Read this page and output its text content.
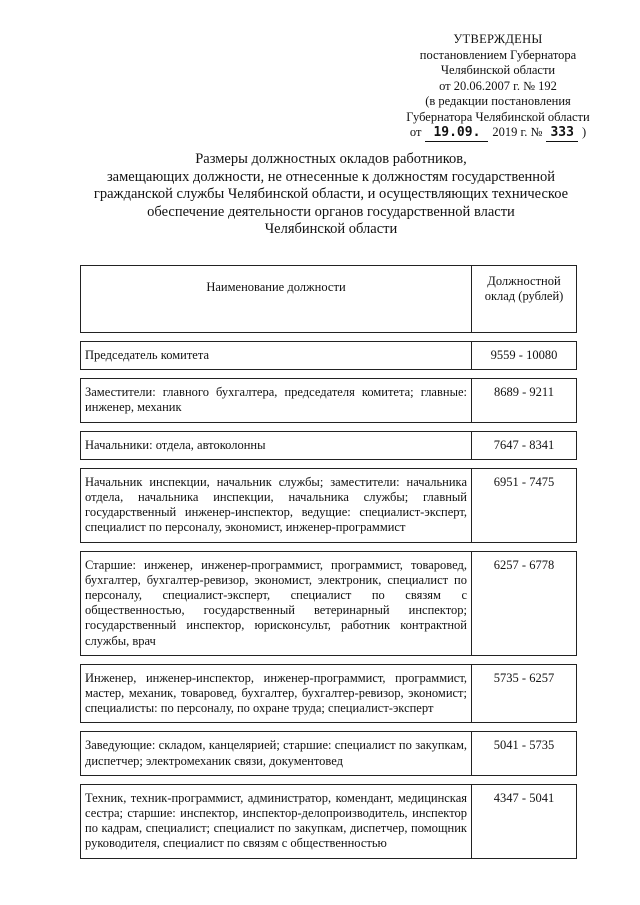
УТВЕРЖДЕНЫ
постановлением Губернатора
Челябинской области
от 20.06.2007 г. № 192
(в редакции постановления
Губернатора Челябинской области
от 19.09. 2019 г. № 333 )
Размеры должностных окладов работников,
замещающих должности, не отнесенные к должностям государственной
гражданской службы Челябинской области, и осуществляющих техническое
обеспечение деятельности органов государственной власти
Челябинской области
Наименование должности	Должностной
оклад (рублей)

Председатель комитета	9559 - 10080

Заместители: главного бухгалтера, председателя комитета; главные: инженер, механик	8689 - 9211

Начальники: отдела, автоколонны	7647 - 8341

Начальник инспекции, начальник службы; заместители: начальника отдела, начальника инспекции, начальника службы; главный государственный инженер-инспектор, ведущие: специалист-эксперт, специалист по персоналу, экономист, инженер-программист	6951 - 7475

Старшие: инженер, инженер-программист, программист, товаровед, бухгалтер, бухгалтер-ревизор, экономист, электроник, специалист по персоналу, специалист-эксперт, специалист по связям с общественностью, государственный ветеринарный инспектор; государственный инспектор, юрисконсульт, работник контрактной службы, врач	6257 - 6778

Инженер, инженер-инспектор, инженер-программист, программист, мастер, механик, товаровед, бухгалтер, бухгалтер-ревизор, экономист; специалисты: по персоналу, по охране труда; специалист-эксперт	5735 - 6257

Заведующие: складом, канцелярией; старшие: специалист по закупкам, диспетчер; электромеханик связи, документовед	5041 - 5735

Техник, техник-программист, администратор, комендант, медицинская сестра; старшие: инспектор, инспектор-делопроизводитель, инспектор по кадрам, специалист; специалист по закупкам, диспетчер, помощник руководителя, специалист по связям с общественностью	4347 - 5041
